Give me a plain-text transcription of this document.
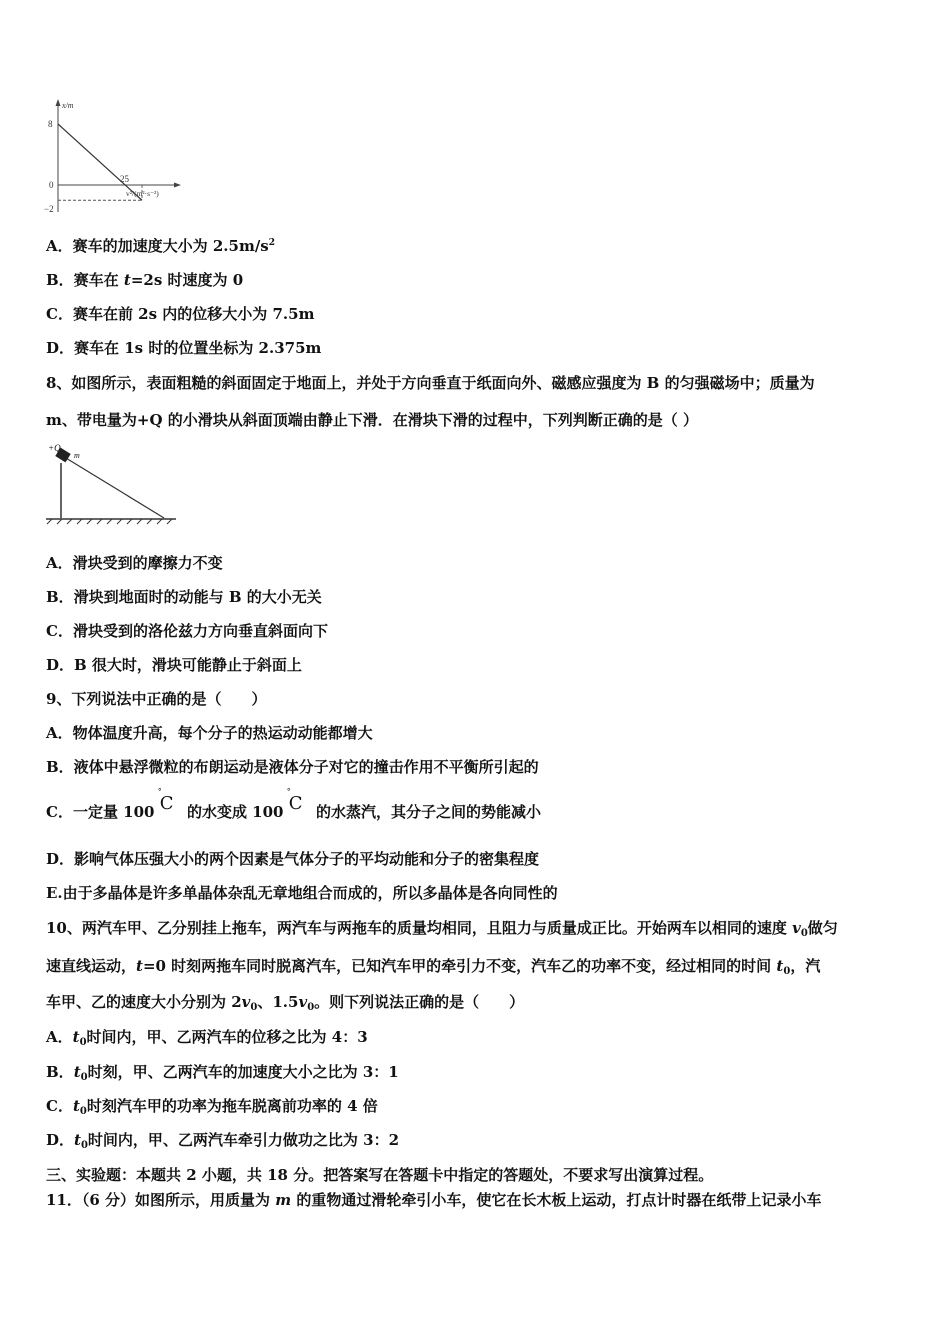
x/m
8
0
−2
25
v²/(m²·s⁻²)
A．赛车的加速度大小为 $2.5m/s^2$
B．赛车在 t=2s 时速度为 0
C．赛车在前 2s 内的位移大小为 7.5m
D．赛车在 1s 时的位置坐标为 2.375m
8、如图所示，表面粗糙的斜面固定于地面上，并处于方向垂直于纸面向外、磁感应强度为 B 的匀强磁场中；质量为
m、带电量为+Q 的小滑块从斜面顶端由静止下滑．在滑块下滑的过程中，下列判断正确的是（ ）
+Q
m
A．滑块受到的摩擦力不变
B．滑块到地面时的动能与 B 的大小无关
C．滑块受到的洛伦兹力方向垂直斜面向下
D．B 很大时，滑块可能静止于斜面上
9、下列说法中正确的是（　　）
A．物体温度升高，每个分子的热运动动能都增大
B．液体中悬浮微粒的布朗运动是液体分子对它的撞击作用不平衡所引起的
C．一定量 100 ° C 的水变成 100 ° C 的水蒸汽，其分子之间的势能减小
D．影响气体压强大小的两个因素是气体分子的平均动能和分子的密集程度
E.由于多晶体是许多单晶体杂乱无章地组合而成的，所以多晶体是各向同性的
10、两汽车甲、乙分别挂上拖车，两汽车与两拖车的质量均相同，且阻力与质量成正比。开始两车以相同的速度 $v_0$做匀
速直线运动，t=0 时刻两拖车同时脱离汽车，已知汽车甲的牵引力不变，汽车乙的功率不变，经过相同的时间 $t_0$，汽
车甲、乙的速度大小分别为 $2v_0$、$1.5v_0$。则下列说法正确的是（　　）
A．$t_0$时间内，甲、乙两汽车的位移之比为 4：3
B．$t_0$时刻，甲、乙两汽车的加速度大小之比为 3：1
C．$t_0$时刻汽车甲的功率为拖车脱离前功率的 4 倍
D．$t_0$时间内，甲、乙两汽车牵引力做功之比为 3：2
三、实验题：本题共 2 小题，共 18 分。把答案写在答题卡中指定的答题处，不要求写出演算过程。
11．（6 分）如图所示，用质量为 m 的重物通过滑轮牵引小车，使它在长木板上运动，打点计时器在纸带上记录小车
